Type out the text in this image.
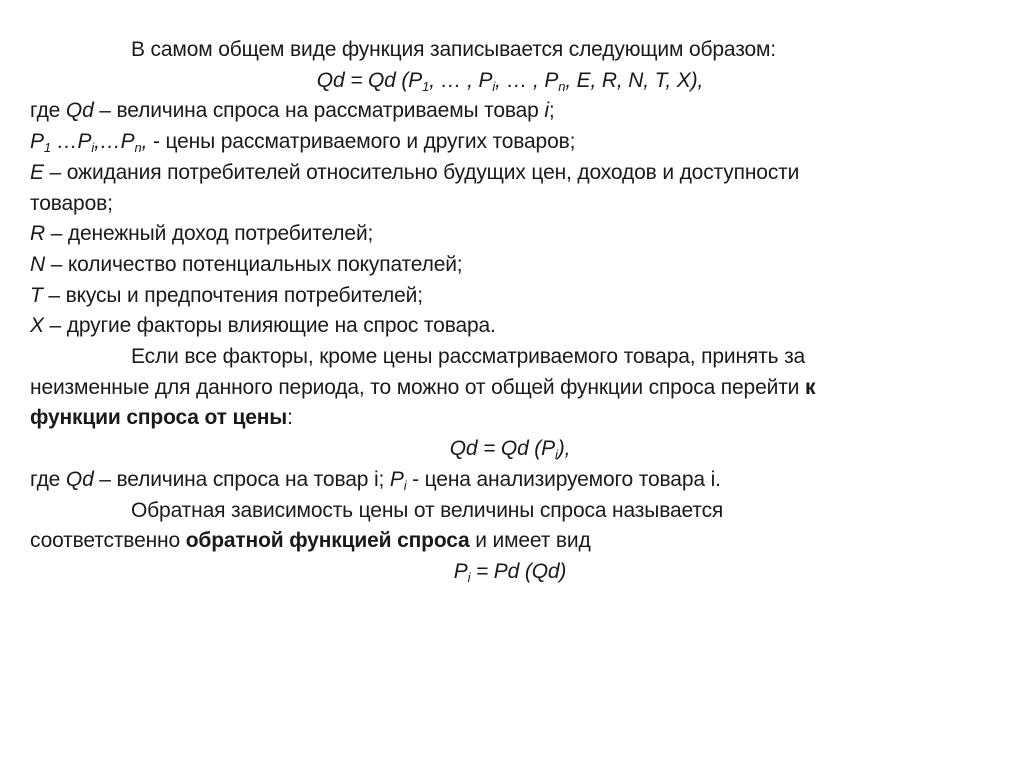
В самом общем виде функция записывается следующим образом:

Qd = Qd ($P_1$, … , $P_i$, … , $P_n$, E, R, N, T, X),

где Qd – величина спроса на рассматриваемы товар i;

$P_1$ $\dots P_i,\dots P_n$, - цены рассматриваемого и других товаров;

E – ожидания потребителей относительно будущих цен, доходов и доступности

товаров;

R – денежный доход потребителей;

N – количество потенциальных покупателей;

T – вкусы и предпочтения потребителей;

X – другие факторы влияющие на спрос товара.

Если все факторы, кроме цены рассматриваемого товара, принять за

неизменные для данного периода, то можно от общей функции спроса перейти к

функции спроса от цены:

Qd = Qd $(P_i)$,

где Qd – величина спроса на товар i; $P_i$ - цена анализируемого товара i.

Обратная зависимость цены от величины спроса называется

соответственно обратной функцией спроса и имеет вид

$P_i = Pd$ (Qd)
